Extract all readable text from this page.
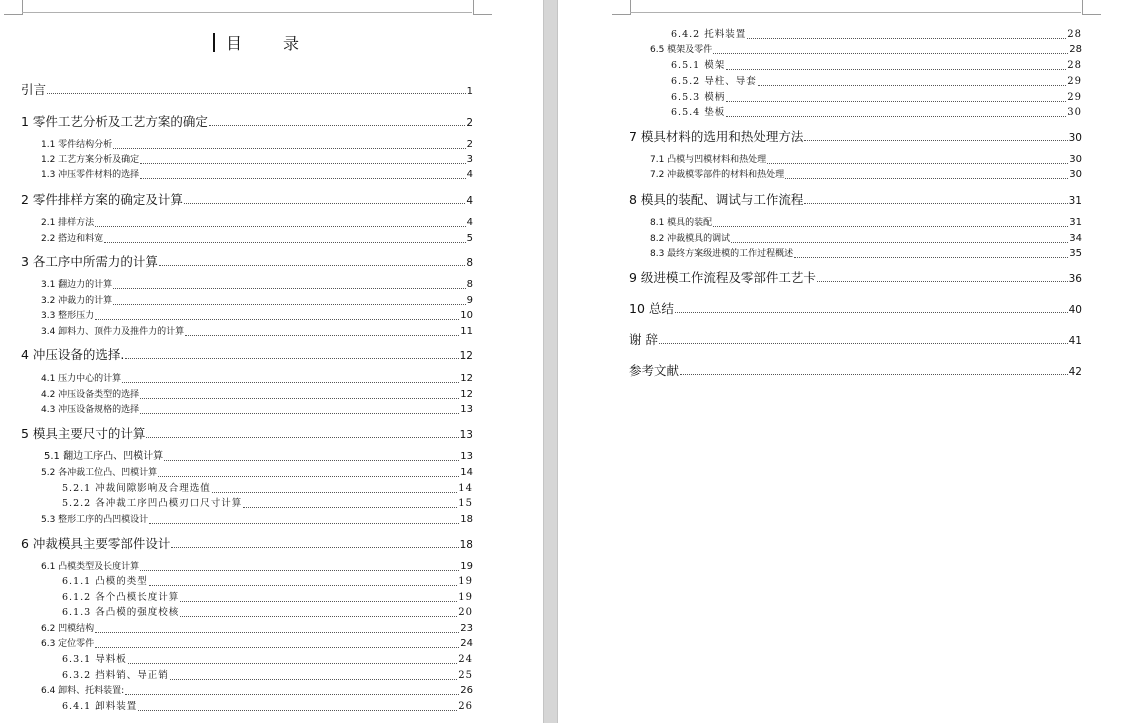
目 录
引言	1
1 零件工艺分析及工艺方案的确定	2
1.1 零件结构分析	2
1.2 工艺方案分析及确定	3
1.3 冲压零件材料的选择	4
2 零件排样方案的确定及计算	4
2.1 排样方法	4
2.2 搭边和料宽	5
3 各工序中所需力的计算	8
3.1 翻边力的计算	8
3.2 冲裁力的计算	9
3.3 整形压力	10
3.4 卸料力、顶件力及推件力的计算	11
4 冲压设备的选择.	12
4.1 压力中心的计算	12
4.2 冲压设备类型的选择	12
4.3 冲压设备规格的选择	13
5 模具主要尺寸的计算	13
5.1 翻边工序凸、凹模计算	13
5.2 各冲裁工位凸、凹模计算	14
5.2.1 冲裁间隙影响及合理选值	14
5.2.2 各冲裁工序凹凸模刃口尺寸计算	15
5.3 整形工序的凸凹模设计	18
6 冲裁模具主要零部件设计	18
6.1 凸模类型及长度计算	19
6.1.1 凸模的类型	19
6.1.2 各个凸模长度计算	19
6.1.3 各凸模的强度校核	20
6.2 凹模结构	23
6.3 定位零件	24
6.3.1 导料板	24
6.3.2 挡料销、导正销	25
6.4 卸料、托料装置:	26
6.4.1 卸料装置	26
6.4.2 托料装置	28
6.5 模架及零件	28
6.5.1 模架	28
6.5.2 导柱、导套	29
6.5.3 模柄	29
6.5.4 垫板	30
7 模具材料的选用和热处理方法	30
7.1 凸模与凹模材料和热处理	30
7.2 冲裁模零部件的材料和热处理	30
8 模具的装配、调试与工作流程	31
8.1 模具的装配	31
8.2 冲裁模具的调试	34
8.3 最终方案级进模的工作过程概述	35
9 级进模工作流程及零部件工艺卡	36
10 总结	40
谢 辞	41
参考文献	42
